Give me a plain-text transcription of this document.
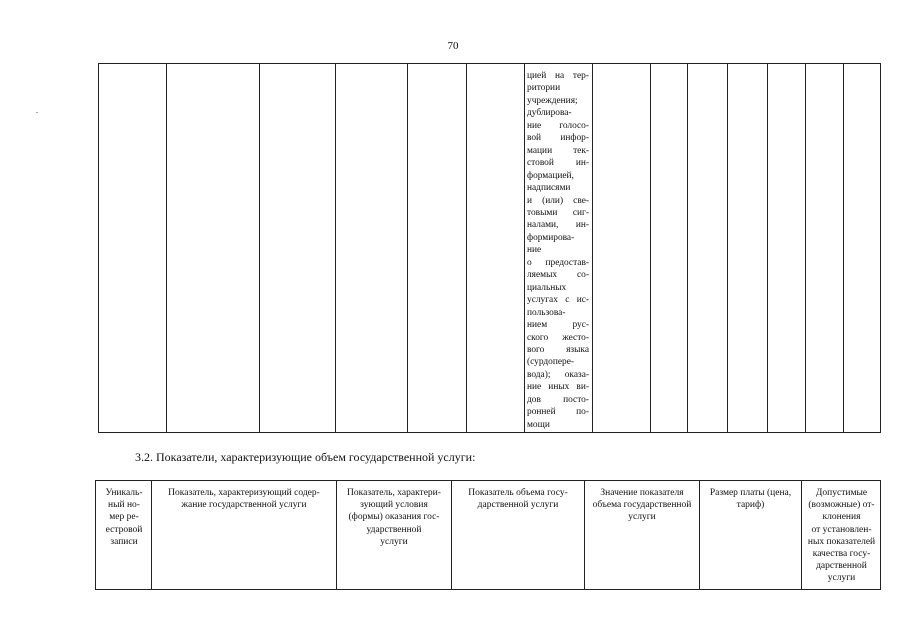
70
цией на тер-
ритории
учреждения;
дублирова-
ние голосо-
вой инфор-
мации тек-
стовой ин-
формацией,
надписями
и (или) све-
товыми сиг-
налами, ин-
формирова-
ние
о предостав-
ляемых со-
циальных
услугах с ис-
пользова-
нием рус-
ского жесто-
вого языка
(сурдопере-
вода); оказа-
ние иных ви-
дов посто-
ронней по-
мощи
3.2. Показатели, характеризующие объем государственной услуги:
Уникаль-
ный но-
мер ре-
естровой
записи
Показатель, характеризующий содер-
жание государственной услуги
Показатель, характери-
зующий условия
(формы) оказания гос-
ударственной
услуги
Показатель объема госу-
дарственной услуги
Значение показателя
объема государственной
услуги
Размер платы (цена,
тариф)
Допустимые
(возможные) от-
клонения
от установлен-
ных показателей
качества госу-
дарственной
услуги
